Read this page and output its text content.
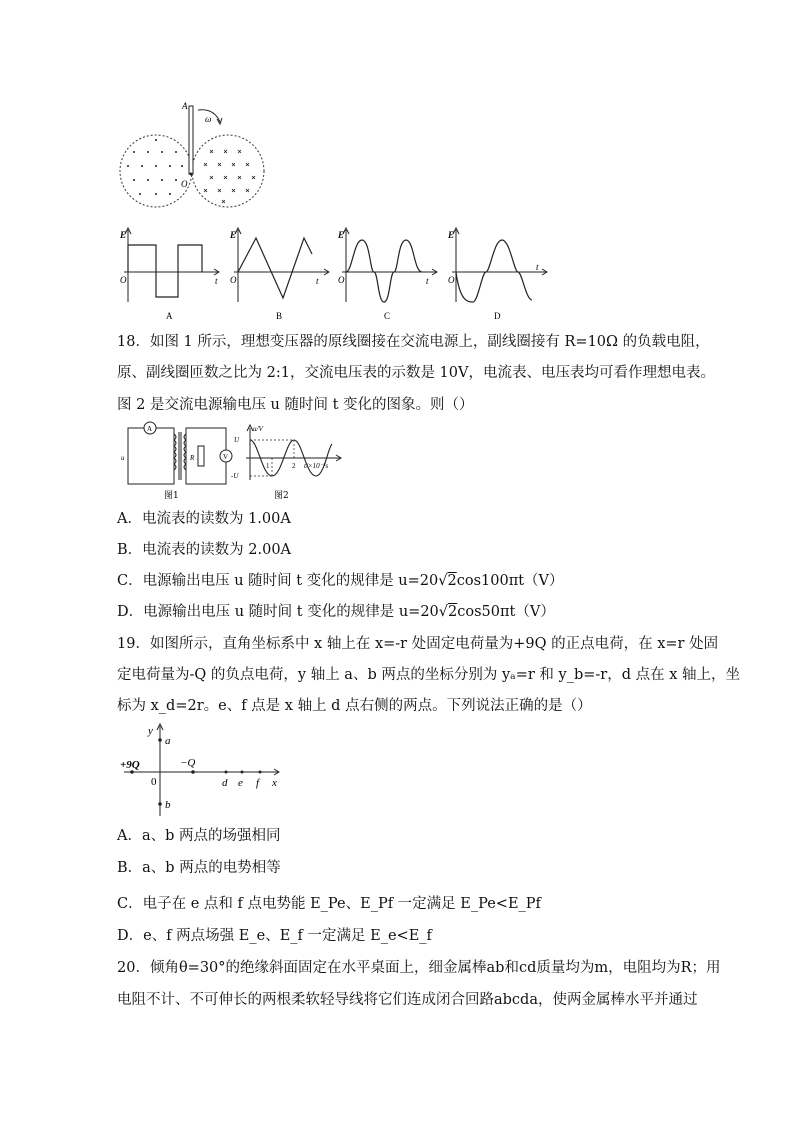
A
O
ω
E
t
O
A
E
t
O
B
E
t
O
C
E
t
O
D
18．如图 1 所示，理想变压器的原线圈接在交流电源上，副线圈接有 R=10Ω 的负载电阻，
原、副线圈匝数之比为 2:1，交流电压表的示数是 10V，电流表、电压表均可看作理想电表。
图 2 是交流电源输电压 u 随时间 t 变化的图象。则（）
A
u	R	V
图1
u/V
U
-U
1	2 t/×10⁻²s
图2
A．电流表的读数为 1.00A
B．电流表的读数为 2.00A
C．电源输出电压 u 随时间 t 变化的规律是 u=20√2cos100πt（V）
D．电源输出电压 u 随时间 t 变化的规律是 u=20√2cos50πt（V）
19．如图所示，直角坐标系中 x 轴上在 x=-r 处固定电荷量为+9Q 的正点电荷，在 x=r 处固
定电荷量为-Q 的负点电荷，y 轴上 a、b 两点的坐标分别为 yₐ=r 和 y_b=-r，d 点在 x 轴上，坐
标为 x_d=2r。e、f 点是 x 轴上 d 点右侧的两点。下列说法正确的是（）
y
a
b
+9Q	−Q
0	d e f x
A．a、b 两点的场强相同
B．a、b 两点的电势相等
C．电子在 e 点和 f 点电势能 E_Pe、E_Pf 一定满足 E_Pe<E_Pf
D．e、f 两点场强 E_e、E_f 一定满足 E_e<E_f
20．倾角θ=30°的绝缘斜面固定在水平桌面上，细金属棒ab和cd质量均为m，电阻均为R；用
电阻不计、不可伸长的两根柔软轻导线将它们连成闭合回路abcda，使两金属棒水平并通过
